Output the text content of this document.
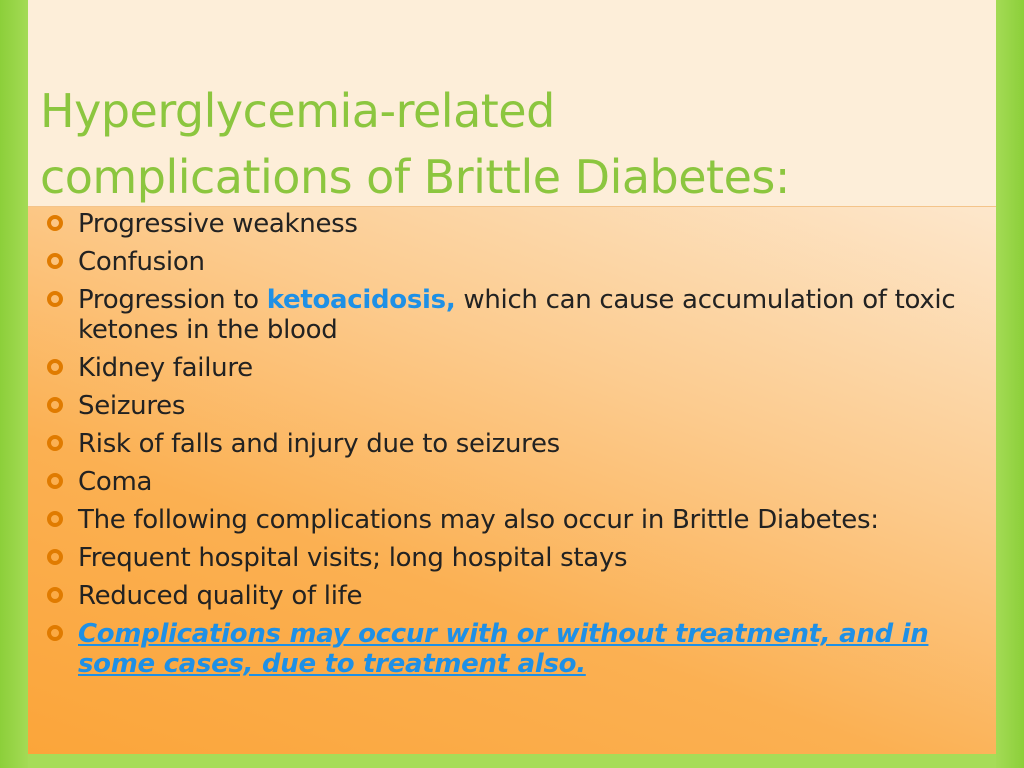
Hyperglycemia-related
complications of Brittle Diabetes:
Progressive weakness
Confusion
Progression to ketoacidosis, which can cause accumulation of toxic ketones in the blood
Kidney failure
Seizures
Risk of falls and injury due to seizures
Coma
The following complications may also occur in Brittle Diabetes:
Frequent hospital visits; long hospital stays
Reduced quality of life
Complications may occur with or without treatment, and in some cases, due to treatment also.
